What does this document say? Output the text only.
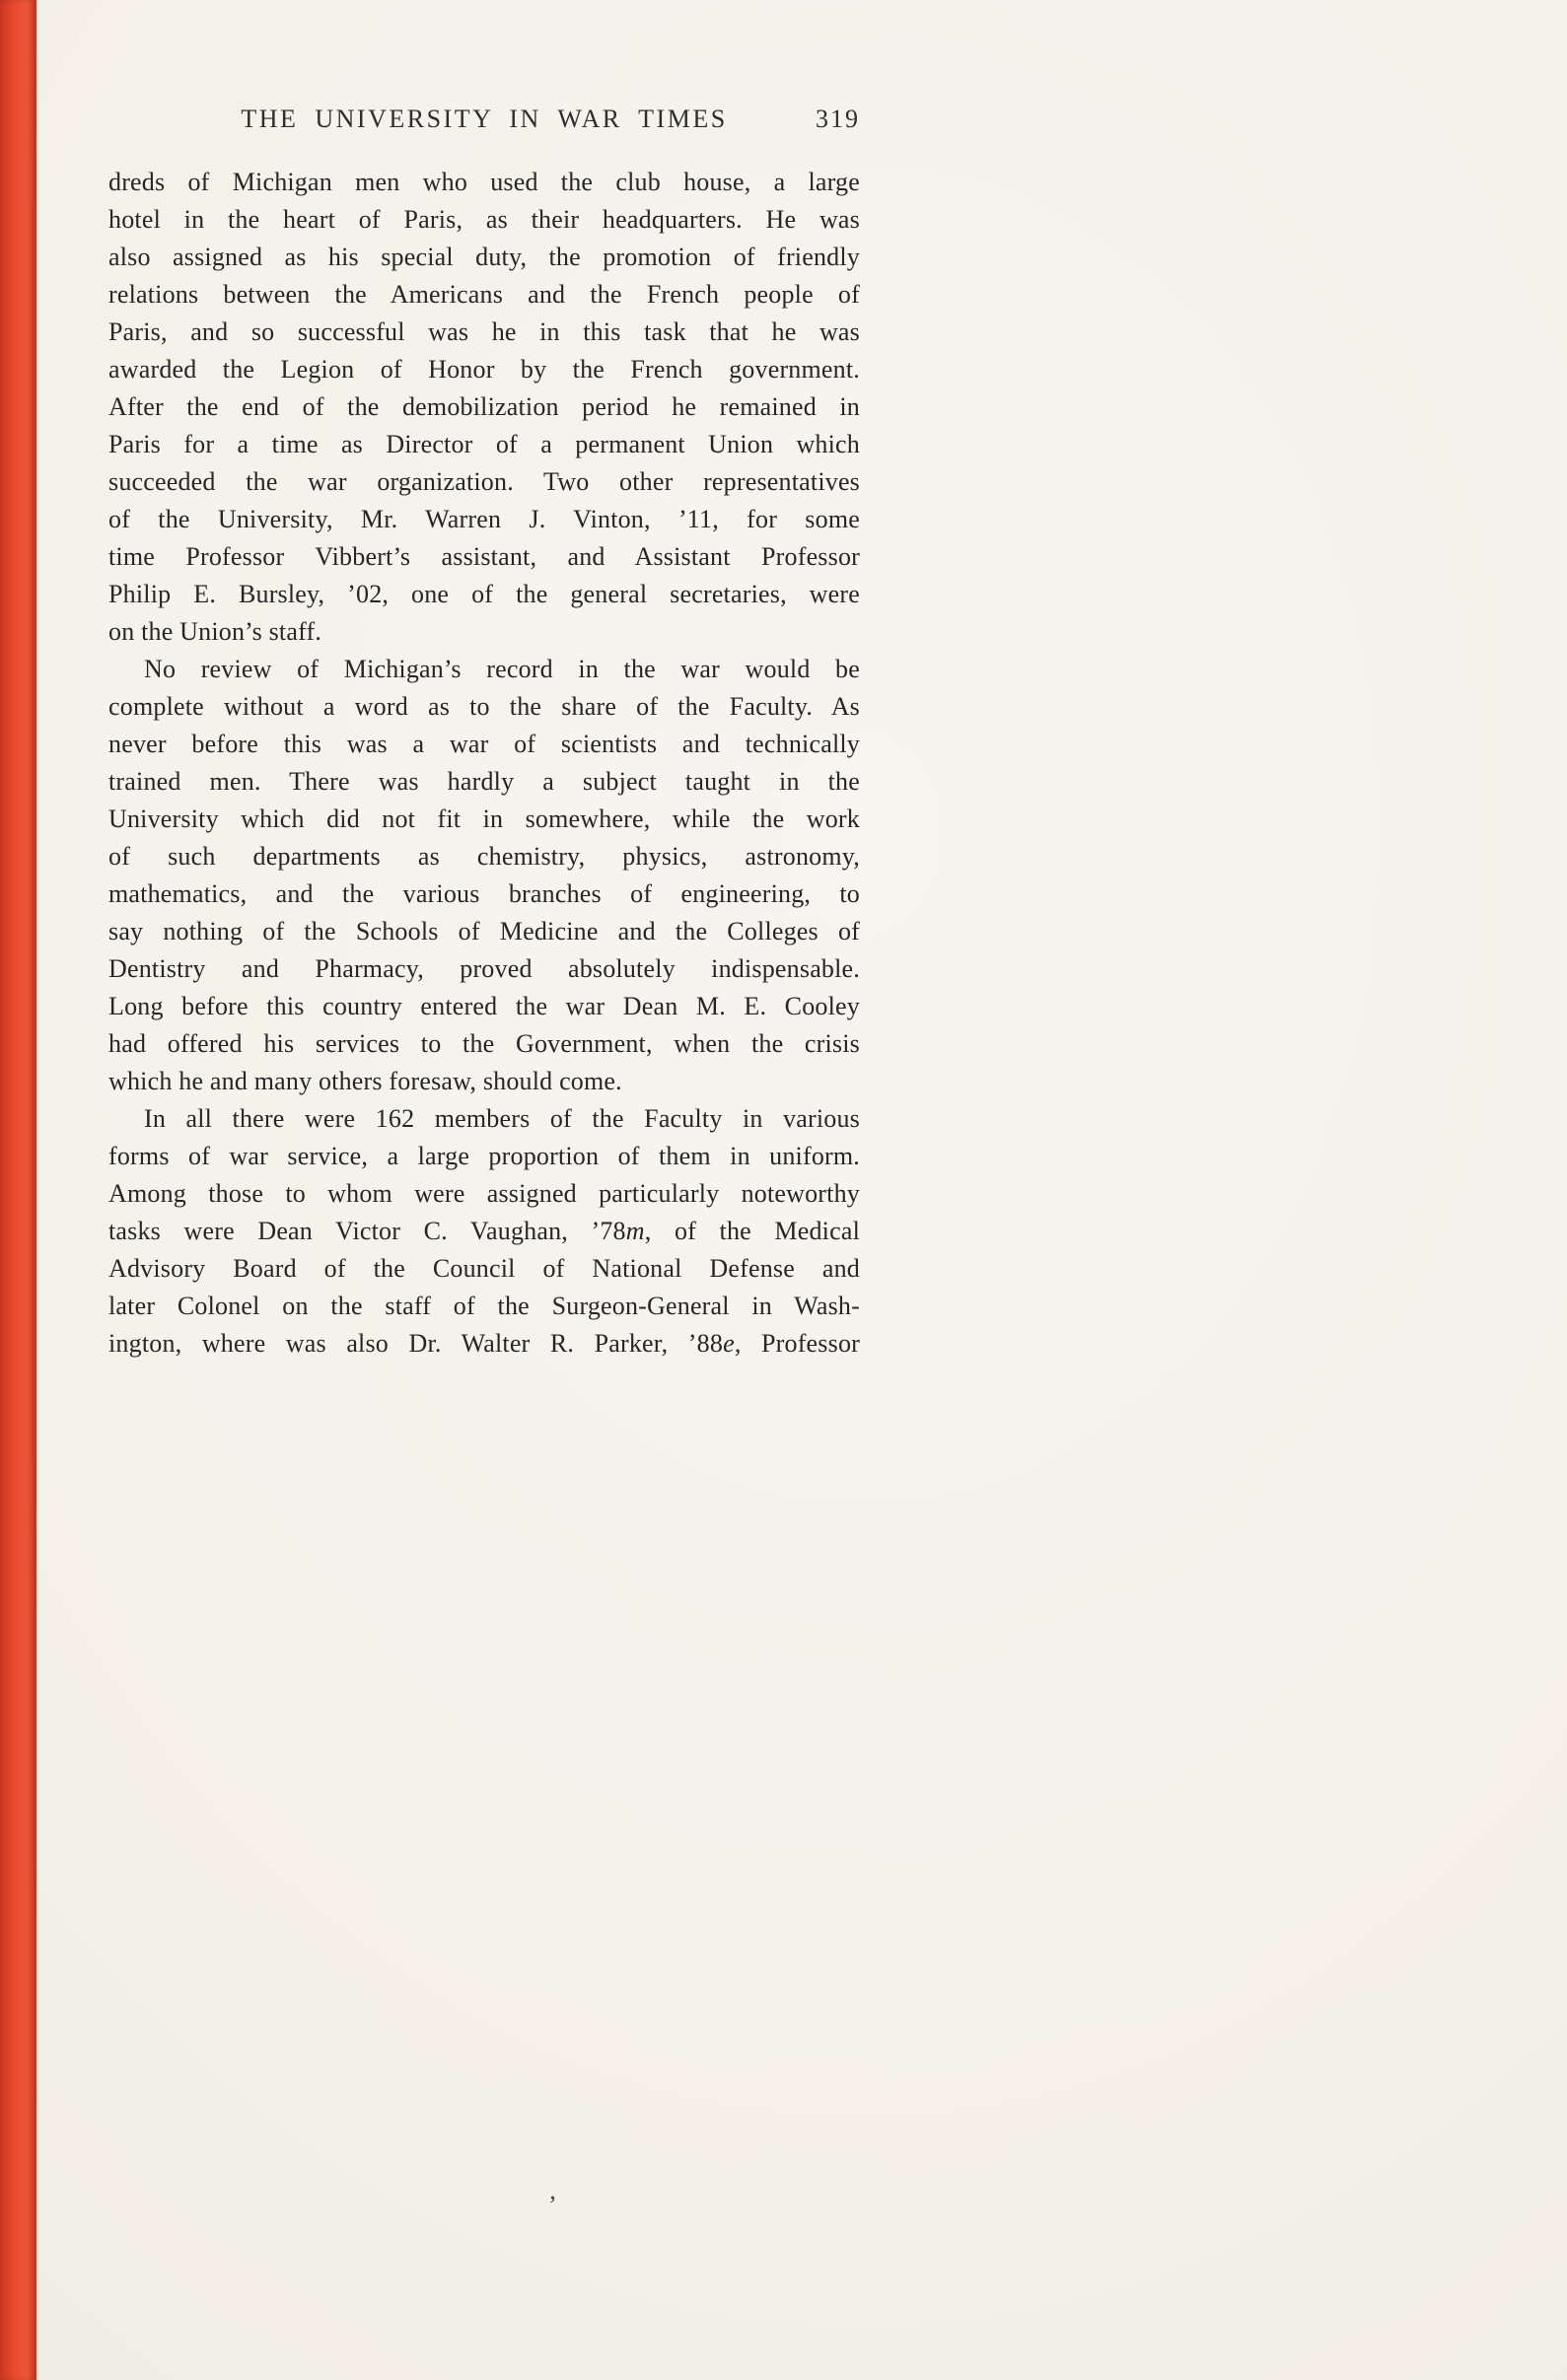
THE UNIVERSITY IN WAR TIMES	319
dreds of Michigan men who used the club house, a large
hotel in the heart of Paris, as their headquarters. He was
also assigned as his special duty, the promotion of friendly
relations between the Americans and the French people of
Paris, and so successful was he in this task that he was
awarded the Legion of Honor by the French government.
After the end of the demobilization period he remained in
Paris for a time as Director of a permanent Union which
succeeded the war organization. Two other representatives
of the University, Mr. Warren J. Vinton, ’11, for some
time Professor Vibbert’s assistant, and Assistant Professor
Philip E. Bursley, ’02, one of the general secretaries, were
on the Union’s staff.
No review of Michigan’s record in the war would be
complete without a word as to the share of the Faculty. As
never before this was a war of scientists and technically
trained men. There was hardly a subject taught in the
University which did not fit in somewhere, while the work
of such departments as chemistry, physics, astronomy,
mathematics, and the various branches of engineering, to
say nothing of the Schools of Medicine and the Colleges of
Dentistry and Pharmacy, proved absolutely indispensable.
Long before this country entered the war Dean M. E. Cooley
had offered his services to the Government, when the crisis
which he and many others foresaw, should come.
In all there were 162 members of the Faculty in various
forms of war service, a large proportion of them in uniform.
Among those to whom were assigned particularly noteworthy
tasks were Dean Victor C. Vaughan, ’78m, of the Medical
Advisory Board of the Council of National Defense and
later Colonel on the staff of the Surgeon-General in Wash-
ington, where was also Dr. Walter R. Parker, ’88e, Professor
’
